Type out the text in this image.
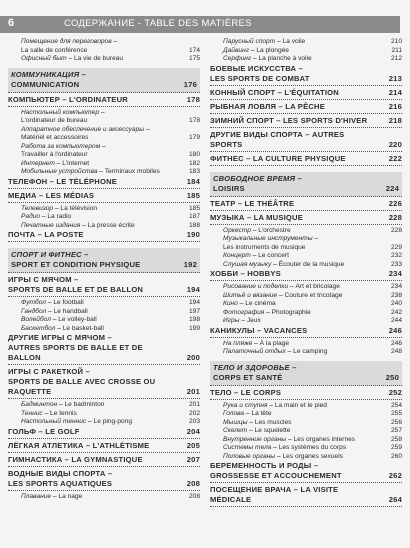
6	СОДЕРЖАНИЕ - TABLE DES MATIÈRES
Помещение для переговоров –
La salle de conférence	174
Офисный быт – La vie de bureau	175
КОММУНИКАЦИЯ –
COMMUNICATION	176
КОМПЬЮТЕР – L'ORDINATEUR	178
Настольный компьютер –
L'ordinateur de bureau	178
Аппаратное обеспечение и аксессуары –
Matériel et accessoires	179
Работа за компьютером –
Travailler à l'ordinateur	180
Интернет – L'internet	182
Мобильные устройства – Terminaux mobiles	183
ТЕЛЕФОН – LE TÉLÉPHONE	184
МЕДИА – LES MÉDIAS	185
Телевизор – La télévision	185
Радио – La radio	187
Печатные издания – La presse écrite	188
ПОЧТА – LA POSTE	190
СПОРТ И ФИТНЕС –
SPORT ET CONDITION PHYSIQUE	192
ИГРЫ С МЯЧОМ –
SPORTS DE BALLE ET DE BALLON	194
Футбол – Le football	194
Гандбол – Le handball	197
Волейбол – Le volley-ball	198
Баскетбол – Le basket-ball	199
ДРУГИЕ ИГРЫ С МЯЧОМ –
AUTRES SPORTS DE BALLE ET DE BALLON	200
ИГРЫ С РАКЕТКОЙ –
SPORTS DE BALLE AVEC CROSSE OU
RAQUETTE	201
Бадминтон – Le badminton	201
Теннис – Le tennis	202
Настольный теннис – Le ping-pong	203
ГОЛЬФ – LE GOLF	204
ЛЁГКАЯ АТЛЕТИКА – L'ATHLÉTISME	205
ГИМНАСТИКА – LA GYMNASTIQUE	207
ВОДНЫЕ ВИДЫ СПОРТА –
LES SPORTS AQUATIQUES	208
Плавание – La nage	208
Парусный спорт – La voile	210
Дайвинг – La plongée	211
Серфинг – La planche à voile	212
БОЕВЫЕ ИСКУССТВА –
LES SPORTS DE COMBAT	213
КОННЫЙ СПОРТ – L'ÉQUITATION	214
РЫБНАЯ ЛОВЛЯ – LA PÊCHE	216
ЗИМНИЙ СПОРТ – LES SPORTS D'HIVER	218
ДРУГИЕ ВИДЫ СПОРТА – AUTRES SPORTS	220
ФИТНЕС – LA CULTURE PHYSIQUE	222
СВОБОДНОЕ ВРЕМЯ –
LOISIRS	224
ТЕАТР – LE THÉÂTRE	226
МУЗЫКА – LA MUSIQUE	228
Оркестр – L'orchestre	228
Музыкальные инструменты –
Les instruments de musique	229
Концерт – Le concert	232
Слушая музыку – Écouter de la musique	233
ХОББИ – HOBBYS	234
Рисование и поделки – Art et bricolage	234
Шитьё и вязание – Couture et tricotage	238
Кино – Le cinéma	240
Фотография – Photographie	242
Игры – Jeux	244
КАНИКУЛЫ – VACANCES	246
На пляже – À la plage	246
Палаточный отдых – Le camping	248
ТЕЛО И ЗДОРОВЬЕ –
CORPS ET SANTÉ	250
ТЕЛО – LE CORPS	252
Рука и ступня – La main et le pied	254
Голова – La tête	255
Мышцы – Les muscles	256
Скелет – Le squelette	257
Внутренние органы – Les organes internes	258
Системы тела – Les systèmes du corps	259
Половые органы – Les organes sexuels	260
БЕРЕМЕННОСТЬ И РОДЫ –
GROSSESSE ET ACCOUCHEMENT	262
ПОСЕЩЕНИЕ ВРАЧА – LA VISITE MÉDICALE	264
